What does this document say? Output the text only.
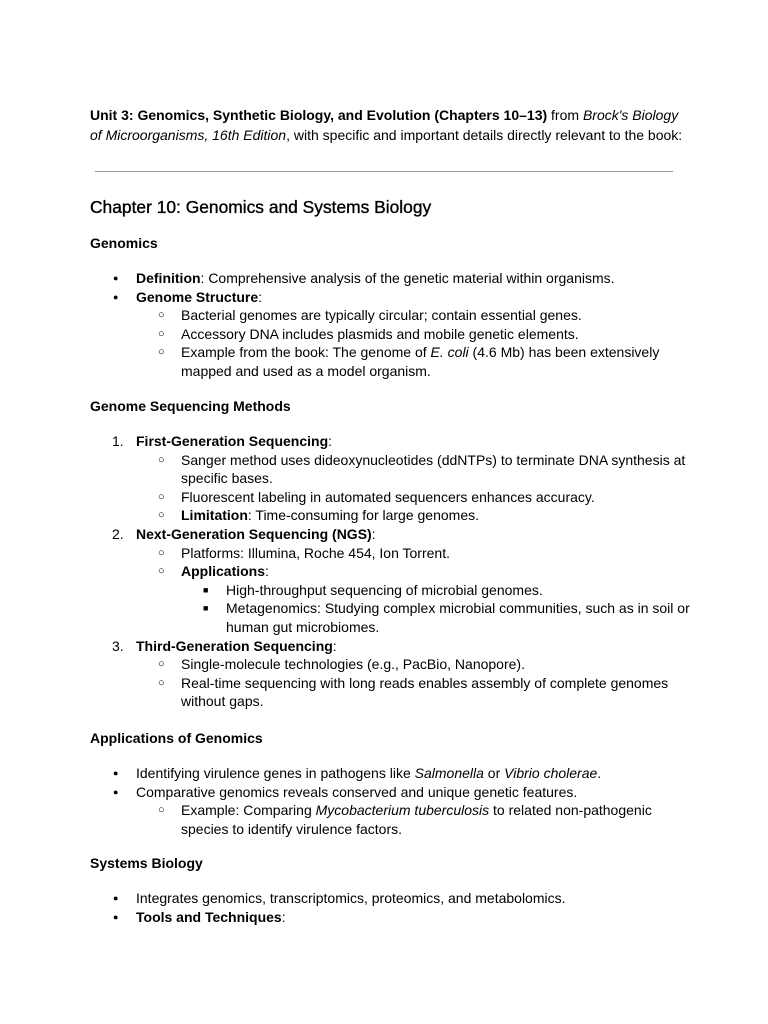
Unit 3: Genomics, Synthetic Biology, and Evolution (Chapters 10–13) from Brock's Biology of Microorganisms, 16th Edition, with specific and important details directly relevant to the book:

Chapter 10: Genomics and Systems Biology
Genomics
● Definition: Comprehensive analysis of the genetic material within organisms.
● Genome Structure:
○ Bacterial genomes are typically circular; contain essential genes.
○ Accessory DNA includes plasmids and mobile genetic elements.
○ Example from the book: The genome of E. coli (4.6 Mb) has been extensively mapped and used as a model organism.
Genome Sequencing Methods
1. First-Generation Sequencing:
○ Sanger method uses dideoxynucleotides (ddNTPs) to terminate DNA synthesis at specific bases.
○ Fluorescent labeling in automated sequencers enhances accuracy.
○ Limitation: Time-consuming for large genomes.
2. Next-Generation Sequencing (NGS):
○ Platforms: Illumina, Roche 454, Ion Torrent.
○ Applications:
■ High-throughput sequencing of microbial genomes.
■ Metagenomics: Studying complex microbial communities, such as in soil or human gut microbiomes.
3. Third-Generation Sequencing:
○ Single-molecule technologies (e.g., PacBio, Nanopore).
○ Real-time sequencing with long reads enables assembly of complete genomes without gaps.
Applications of Genomics
● Identifying virulence genes in pathogens like Salmonella or Vibrio cholerae.
● Comparative genomics reveals conserved and unique genetic features.
○ Example: Comparing Mycobacterium tuberculosis to related non-pathogenic species to identify virulence factors.
Systems Biology
● Integrates genomics, transcriptomics, proteomics, and metabolomics.
● Tools and Techniques:
